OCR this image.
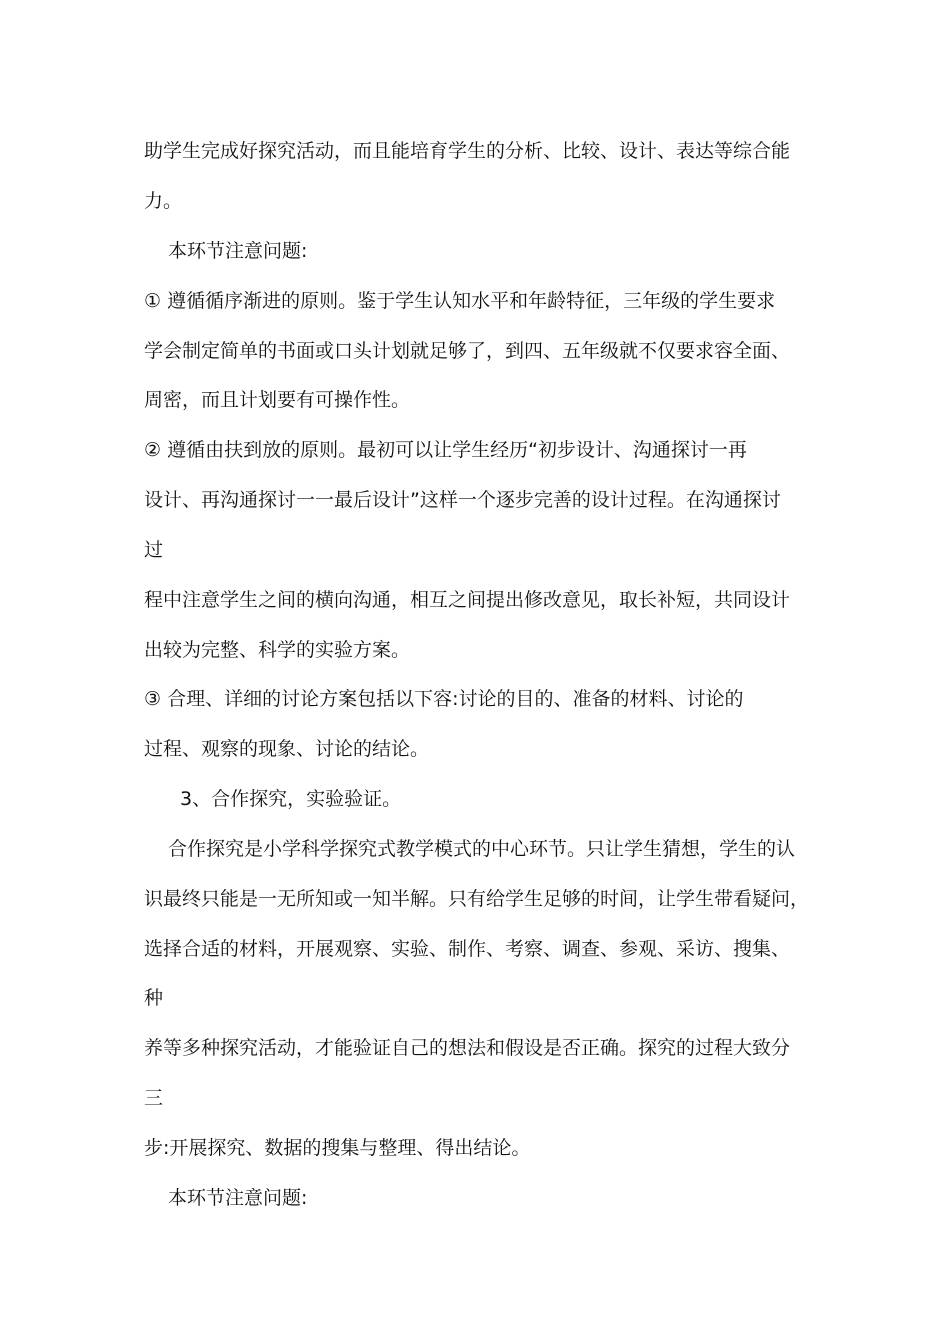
助学生完成好探究活动，而且能培育学生的分析、比较、设计、表达等综合能
力。
本环节注意问题:
① 遵循循序渐进的原则。鉴于学生认知水平和年龄特征，三年级的学生要求
学会制定简单的书面或口头计划就足够了，到四、五年级就不仅要求容全面、
周密，而且计划要有可操作性。
② 遵循由扶到放的原则。最初可以让学生经历“初步设计、沟通探讨一再
设计、再沟通探讨一一最后设计”这样一个逐步完善的设计过程。在沟通探讨
过
程中注意学生之间的横向沟通，相互之间提出修改意见，取长补短，共同设计
出较为完整、科学的实验方案。
③ 合理、详细的讨论方案包括以下容:讨论的目的、准备的材料、讨论的
过程、观察的现象、讨论的结论。
3、合作探究，实验验证。
合作探究是小学科学探究式教学模式的中心环节。只让学生猜想，学生的认
识最终只能是一无所知或一知半解。只有给学生足够的时间，让学生带看疑问，
选择合适的材料，开展观察、实验、制作、考察、调查、参观、采访、搜集、
种
养等多种探究活动，才能验证自己的想法和假设是否正确。探究的过程大致分
三
步:开展探究、数据的搜集与整理、得出结论。
本环节注意问题:
